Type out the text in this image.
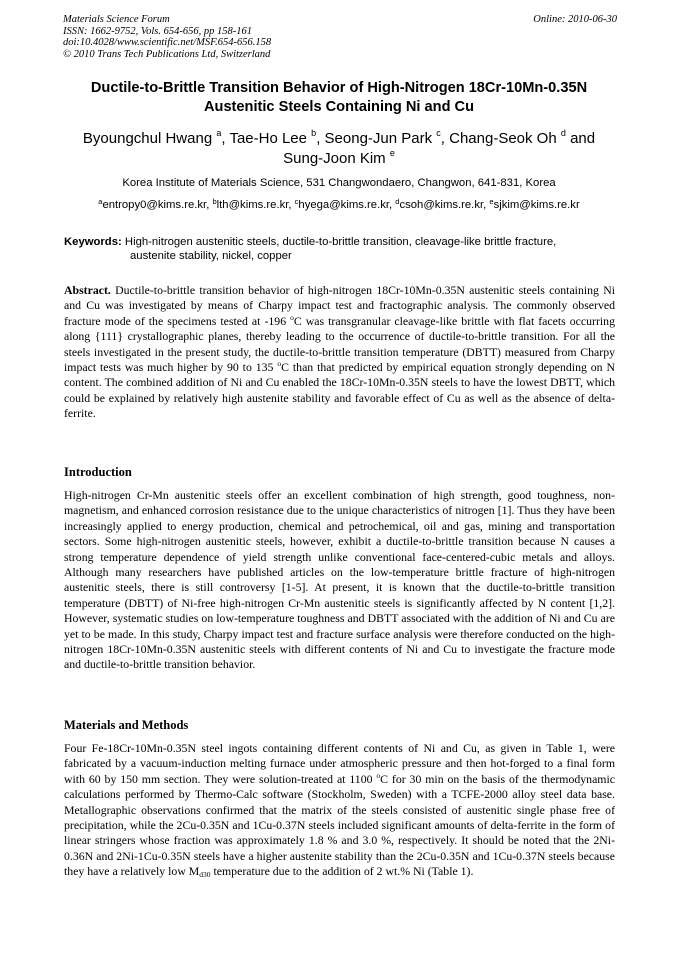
Materials Science Forum
ISSN: 1662-9752, Vols. 654-656, pp 158-161
doi:10.4028/www.scientific.net/MSF.654-656.158
© 2010 Trans Tech Publications Ltd, Switzerland
Online: 2010-06-30
Ductile-to-Brittle Transition Behavior of High-Nitrogen 18Cr-10Mn-0.35N
Austenitic Steels Containing Ni and Cu
Byoungchul Hwang $^a$, Tae-Ho Lee $^b$, Seong-Jun Park $^c$, Chang-Seok Oh $^d$ and
Sung-Joon Kim $^e$
Korea Institute of Materials Science, 531 Changwondaero, Changwon, 641-831, Korea
$^a$entropy0@kims.re.kr, $^b$lth@kims.re.kr, $^c$hyega@kims.re.kr, $^d$csoh@kims.re.kr, $^e$sjkim@kims.re.kr
Keywords: High-nitrogen austenitic steels, ductile-to-brittle transition, cleavage-like brittle fracture,
austenite stability, nickel, copper
Abstract. Ductile-to-brittle transition behavior of high-nitrogen 18Cr-10Mn-0.35N austenitic steels containing Ni and Cu was investigated by means of Charpy impact test and fractographic analysis. The commonly observed fracture mode of the specimens tested at -196 $^o$C was transgranular cleavage-like brittle with flat facets occurring along {111} crystallographic planes, thereby leading to the occurrence of ductile-to-brittle transition. For all the steels investigated in the present study, the ductile-to-brittle transition temperature (DBTT) measured from Charpy impact tests was much higher by 90 to 135 $^o$C than that predicted by empirical equation strongly depending on N content. The combined addition of Ni and Cu enabled the 18Cr-10Mn-0.35N steels to have the lowest DBTT, which could be explained by relatively high austenite stability and favorable effect of Cu as well as the absence of delta-ferrite.
Introduction
High-nitrogen Cr-Mn austenitic steels offer an excellent combination of high strength, good toughness, non-magnetism, and enhanced corrosion resistance due to the unique characteristics of nitrogen [1]. Thus they have been increasingly applied to energy production, chemical and petrochemical, oil and gas, mining and transportation sectors. Some high-nitrogen austenitic steels, however, exhibit a ductile-to-brittle transition because N causes a strong temperature dependence of yield strength unlike conventional face-centered-cubic metals and alloys. Although many researchers have published articles on the low-temperature brittle fracture of high-nitrogen austenitic steels, there is still controversy [1-5]. At present, it is known that the ductile-to-brittle transition temperature (DBTT) of Ni-free high-nitrogen Cr-Mn austenitic steels is significantly affected by N content [1,2]. However, systematic studies on low-temperature toughness and DBTT associated with the addition of Ni and Cu are yet to be made. In this study, Charpy impact test and fracture surface analysis were therefore conducted on the high-nitrogen 18Cr-10Mn-0.35N austenitic steels with different contents of Ni and Cu to investigate the fracture mode and ductile-to-brittle transition behavior.
Materials and Methods
Four Fe-18Cr-10Mn-0.35N steel ingots containing different contents of Ni and Cu, as given in Table 1, were fabricated by a vacuum-induction melting furnace under atmospheric pressure and then hot-forged to a final form with 60 by 150 mm section. They were solution-treated at 1100 $^o$C for 30 min on the basis of the thermodynamic calculations performed by Thermo-Calc software (Stockholm, Sweden) with a TCFE-2000 alloy steel data base. Metallographic observations confirmed that the matrix of the steels consisted of austenitic single phase free of precipitation, while the 2Cu-0.35N and 1Cu-0.37N steels included significant amounts of delta-ferrite in the form of linear stringers whose fraction was approximately 1.8 % and 3.0 %, respectively. It should be noted that the 2Ni-0.36N and 2Ni-1Cu-0.35N steels have a higher austenite stability than the 2Cu-0.35N and 1Cu-0.37N steels because they have a relatively low $M_{d30}$ temperature due to the addition of 2 wt.% Ni (Table 1).
